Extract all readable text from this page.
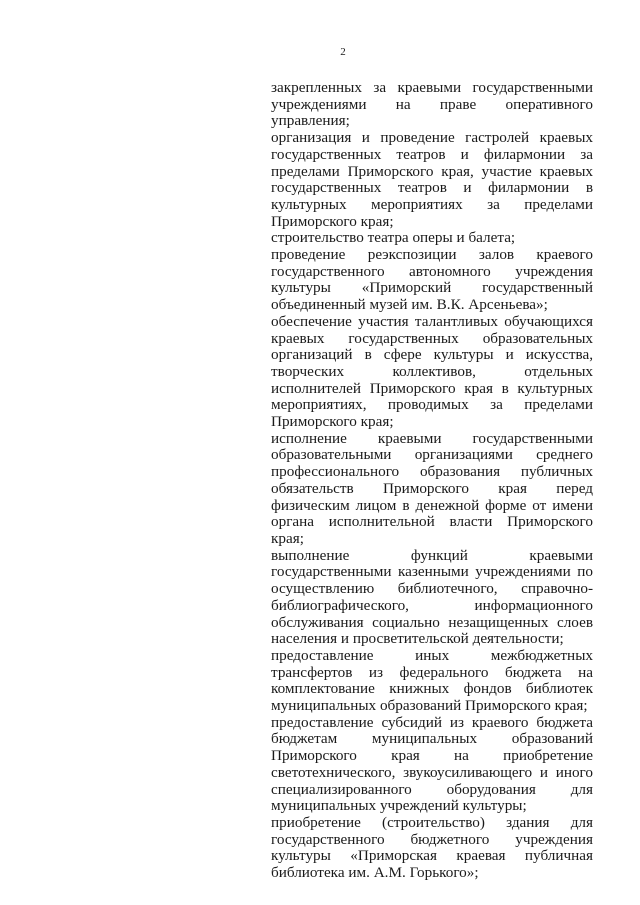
2

закрепленных за краевыми государственными учреждениями на праве оперативного управления;

организация и проведение гастролей краевых государственных театров и филармонии за пределами Приморского края, участие краевых государственных театров и филармонии в культурных мероприятиях за пределами Приморского края;

строительство театра оперы и балета;

проведение реэкспозиции залов краевого государственного автономного учреждения культуры «Приморский государственный объединенный музей им. В.К. Арсеньева»;

обеспечение участия талантливых обучающихся краевых государственных образовательных организаций в сфере культуры и искусства, творческих коллективов, отдельных исполнителей Приморского края в культурных мероприятиях, проводимых за пределами Приморского края;

исполнение краевыми государственными образовательными организациями среднего профессионального образования публичных обязательств Приморского края перед физическим лицом в денежной форме от имени органа исполнительной власти Приморского края;

выполнение функций краевыми государственными казенными учреждениями по осуществлению библиотечного, справочно-библиографического, информационного обслуживания социально незащищенных слоев населения и просветительской деятельности;

предоставление иных межбюджетных трансфертов из федерального бюджета на комплектование книжных фондов библиотек муниципальных образований Приморского края;

предоставление субсидий из краевого бюджета бюджетам муниципальных образований Приморского края на приобретение светотехнического, звукоусиливающего и иного специализированного оборудования для муниципальных учреждений культуры;

приобретение (строительство) здания для государственного бюджетного учреждения культуры «Приморская краевая публичная библиотека им. А.М. Горького»;
